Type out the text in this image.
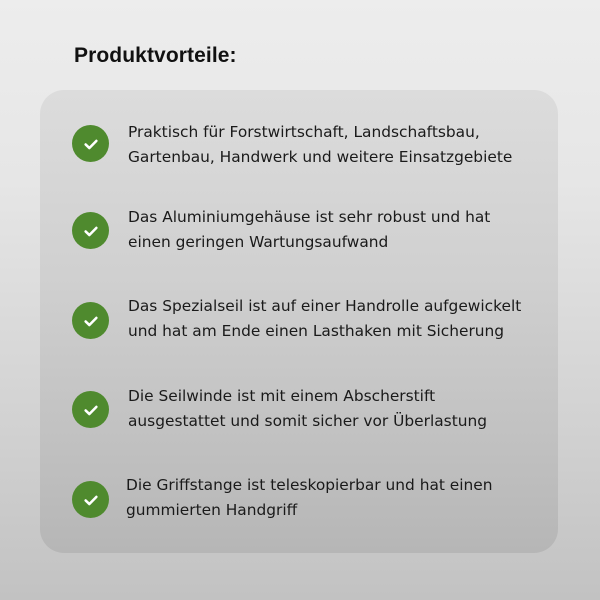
Produktvorteile:
Praktisch für Forstwirtschaft, Landschaftsbau,
Gartenbau, Handwerk und weitere Einsatzgebiete
Das Aluminiumgehäuse ist sehr robust und hat
einen geringen Wartungsaufwand
Das Spezialseil ist auf einer Handrolle aufgewickelt
und hat am Ende einen Lasthaken mit Sicherung
Die Seilwinde ist mit einem Abscherstift
ausgestattet und somit sicher vor Überlastung
Die Griffstange ist teleskopierbar und hat einen
gummierten Handgriff
